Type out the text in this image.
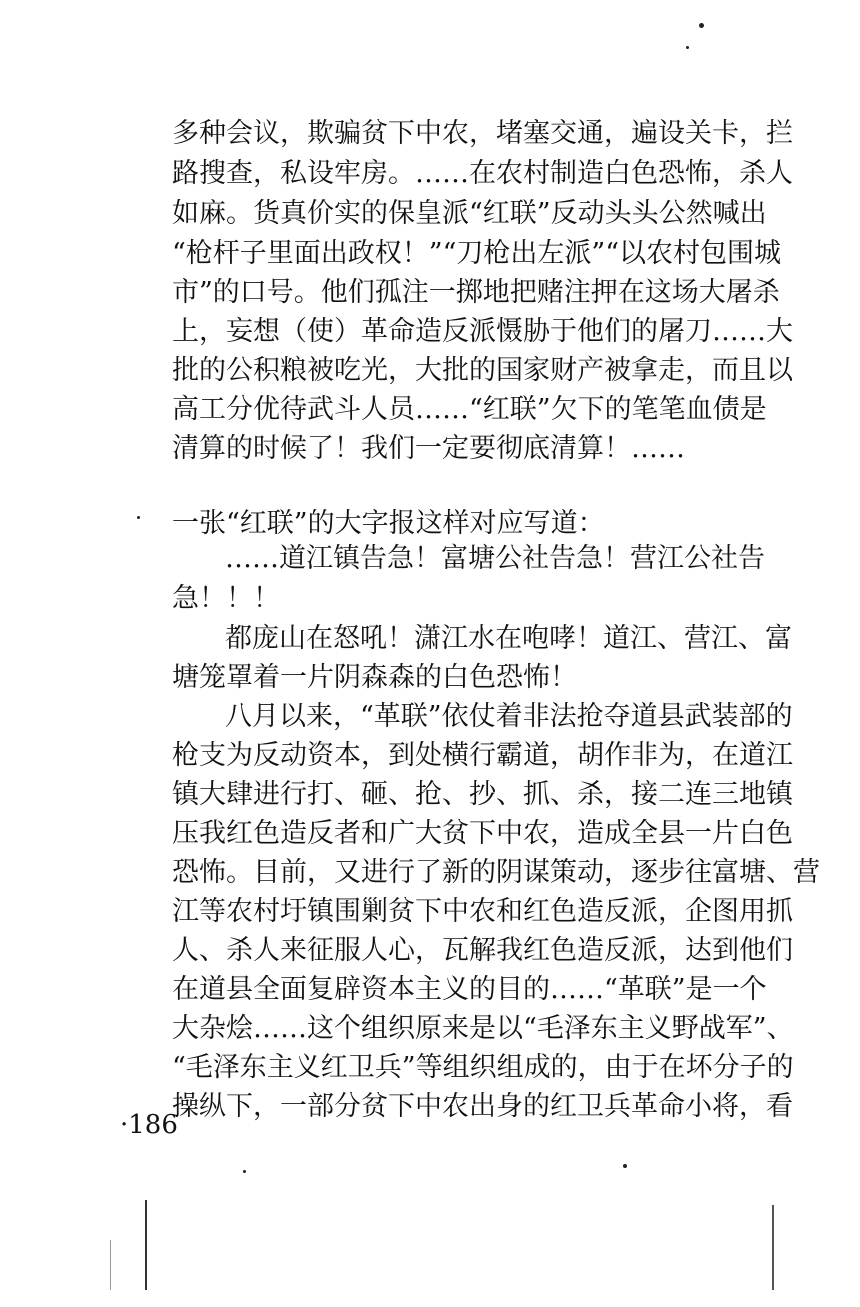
多种会议，欺骗贫下中农，堵塞交通，遍设关卡，拦
路搜查，私设牢房。……在农村制造白色恐怖，杀人
如麻。货真价实的保皇派“红联”反动头头公然喊出
“枪杆子里面出政权！”“刀枪出左派”“以农村包围城
市”的口号。他们孤注一掷地把赌注押在这场大屠杀
上，妄想（使）革命造反派慑胁于他们的屠刀……大
批的公积粮被吃光，大批的国家财产被拿走，而且以
高工分优待武斗人员……“红联”欠下的笔笔血债是
清算的时候了！我们一定要彻底清算！……
一张“红联”的大字报这样对应写道：
……道江镇告急！富塘公社告急！营江公社告
急！！！
都庞山在怒吼！潇江水在咆哮！道江、营江、富
塘笼罩着一片阴森森的白色恐怖！
八月以来，“革联”依仗着非法抢夺道县武装部的
枪支为反动资本，到处横行霸道，胡作非为，在道江
镇大肆进行打、砸、抢、抄、抓、杀，接二连三地镇
压我红色造反者和广大贫下中农，造成全县一片白色
恐怖。目前，又进行了新的阴谋策动，逐步往富塘、营
江等农村圩镇围剿贫下中农和红色造反派，企图用抓
人、杀人来征服人心，瓦解我红色造反派，达到他们
在道县全面复辟资本主义的目的……“革联”是一个
大杂烩……这个组织原来是以“毛泽东主义野战军”、
“毛泽东主义红卫兵”等组织组成的，由于在坏分子的
操纵下，一部分贫下中农出身的红卫兵革命小将，看
·186
